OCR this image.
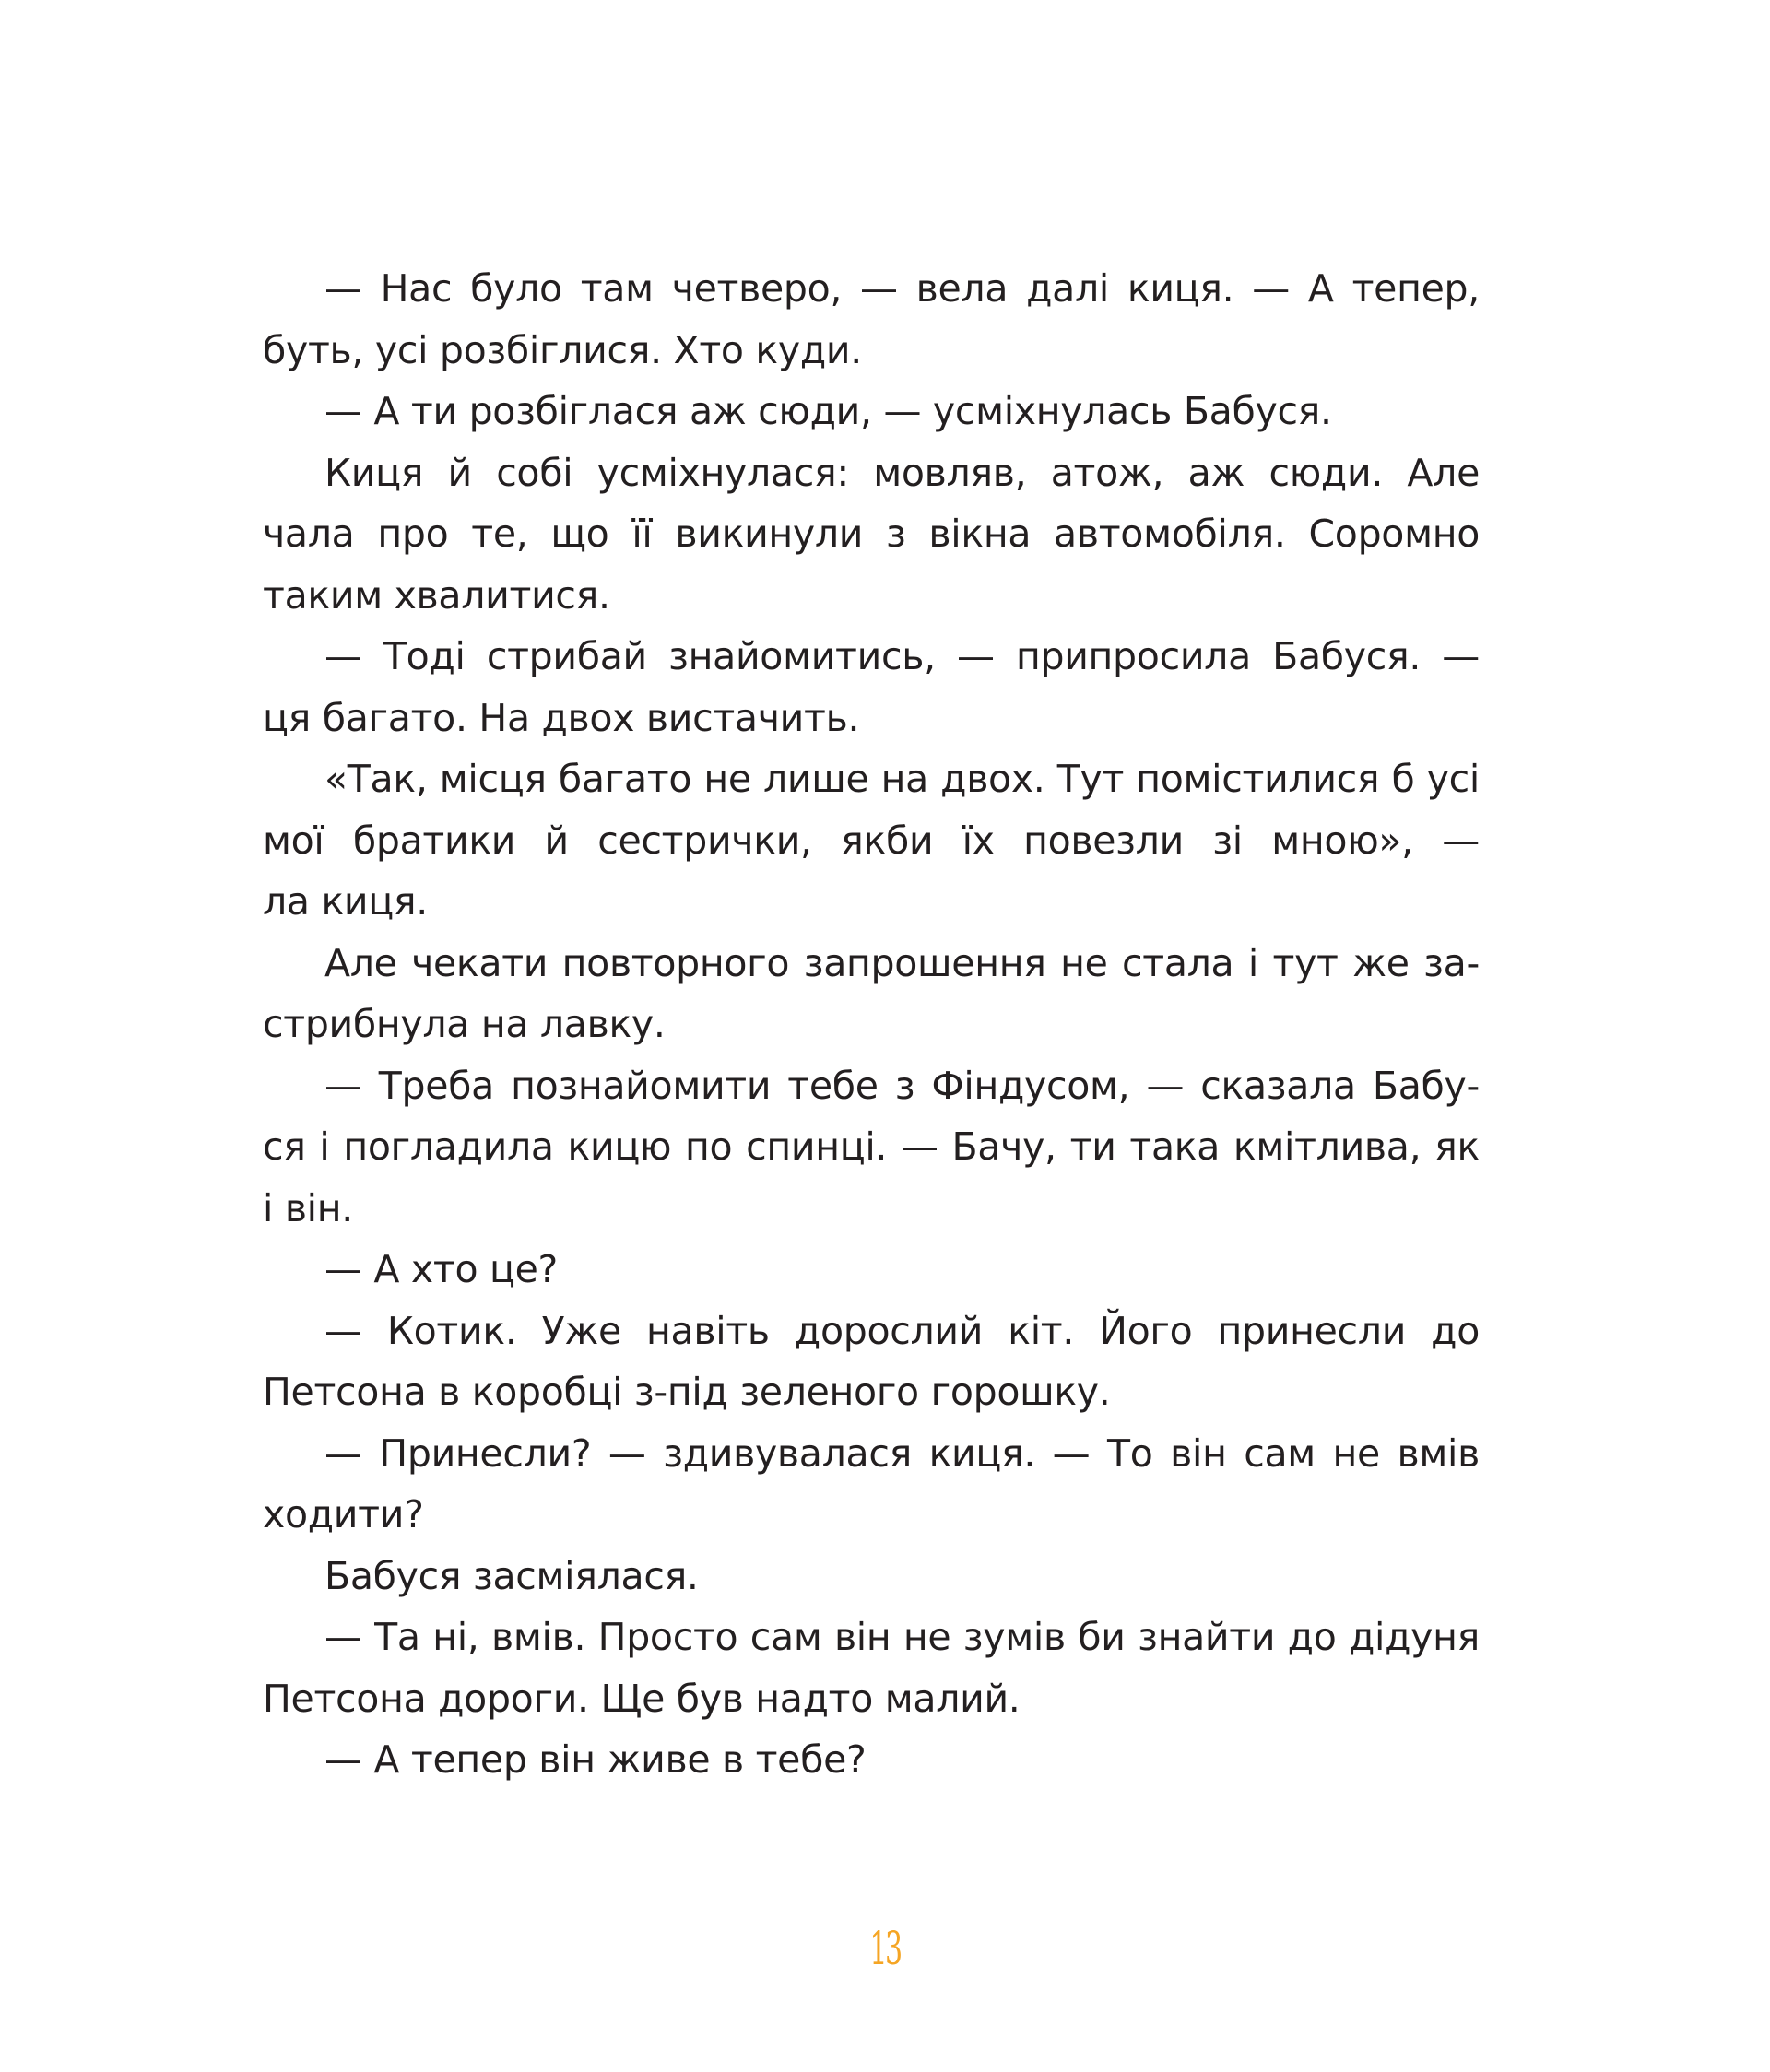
— Нас було там четверо, — вела далі киця. — А тепер,
буть, усі розбіглися. Хто куди.
— А ти розбіглася аж сюди, — усміхнулась Бабуся.
Киця й собі усміхнулася: мовляв, атож, аж сюди. Але
чала про те, що її викинули з вікна автомобіля. Соромно
таким хвалитися.
— Тоді стрибай знайомитись, — припросила Бабуся. —
ця багато. На двох вистачить.
«Так, місця багато не лише на двох. Тут помістилися б усі
мої братики й сестрички, якби їх повезли зі мною», —
ла киця.
Але чекати повторного запрошення не стала і тут же за-
стрибнула на лавку.
— Треба познайомити тебе з Фіндусом, — сказала Бабу-
ся і погладила кицю по спинці. — Бачу, ти така кмітлива, як
і він.
— А хто це?
— Котик. Уже навіть дорослий кіт. Його принесли до
Петсона в коробці з-під зеленого горошку.
— Принесли? — здивувалася киця. — То він сам не вмів
ходити?
Бабуся засміялася.
— Та ні, вмів. Просто сам він не зумів би знайти до дідуня
Петсона дороги. Ще був надто малий.
— А тепер він живе в тебе?
13
